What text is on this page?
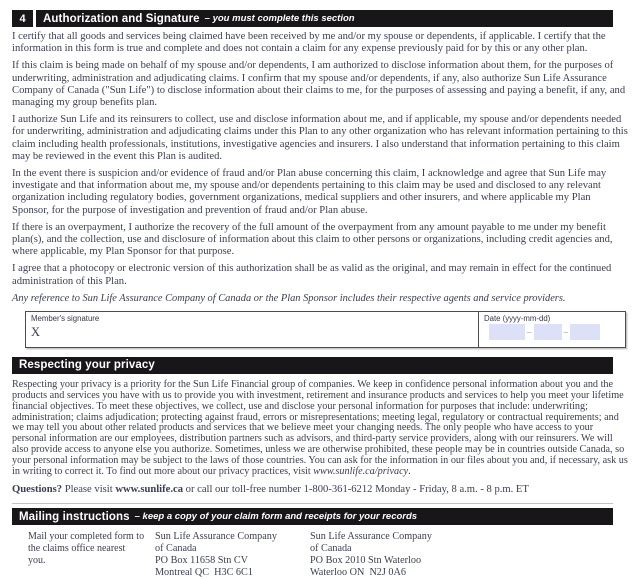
4	Authorization and Signature – you must complete this section

I certify that all goods and services being claimed have been received by me and/or my spouse or dependents, if applicable. I certify that the information in this form is true and complete and does not contain a claim for any expense previously paid for by this or any other plan.

If this claim is being made on behalf of my spouse and/or dependents, I am authorized to disclose information about them, for the purposes of underwriting, administration and adjudicating claims. I confirm that my spouse and/or dependents, if any, also authorize Sun Life Assurance Company of Canada ("Sun Life") to disclose information about their claims to me, for the purposes of assessing and paying a benefit, if any, and managing my group benefits plan.

I authorize Sun Life and its reinsurers to collect, use and disclose information about me, and if applicable, my spouse and/or dependents needed for underwriting, administration and adjudicating claims under this Plan to any other organization who has relevant information pertaining to this claim including health professionals, institutions, investigative agencies and insurers. I also understand that information pertaining to this claim may be reviewed in the event this Plan is audited.

In the event there is suspicion and/or evidence of fraud and/or Plan abuse concerning this claim, I acknowledge and agree that Sun Life may investigate and that information about me, my spouse and/or dependents pertaining to this claim may be used and disclosed to any relevant organization including regulatory bodies, government organizations, medical suppliers and other insurers, and where applicable my Plan Sponsor, for the purpose of investigation and prevention of fraud and/or Plan abuse.

If there is an overpayment, I authorize the recovery of the full amount of the overpayment from any amount payable to me under my benefit plan(s), and the collection, use and disclosure of information about this claim to other persons or organizations, including credit agencies and, where applicable, my Plan Sponsor for that purpose.

I agree that a photocopy or electronic version of this authorization shall be as valid as the original, and may remain in effect for the continued administration of this Plan.

Any reference to Sun Life Assurance Company of Canada or the Plan Sponsor includes their respective agents and service providers.
Member's signature
X
Date (yyyy-mm-dd)
–	–
Respecting your privacy
Respecting your privacy is a priority for the Sun Life Financial group of companies. We keep in confidence personal information about you and the products and services you have with us to provide you with investment, retirement and insurance products and services to help you meet your lifetime financial objectives. To meet these objectives, we collect, use and disclose your personal information for purposes that include: underwriting; administration; claims adjudication; protecting against fraud, errors or misrepresentations; meeting legal, regulatory or contractual requirements; and we may tell you about other related products and services that we believe meet your changing needs. The only people who have access to your personal information are our employees, distribution partners such as advisors, and third-party service providers, along with our reinsurers. We will also provide access to anyone else you authorize. Sometimes, unless we are otherwise prohibited, these people may be in countries outside Canada, so your personal information may be subject to the laws of those countries. You can ask for the information in our files about you and, if necessary, ask us in writing to correct it. To find out more about our privacy practices, visit www.sunlife.ca/privacy.
Questions? Please visit www.sunlife.ca or call our toll-free number 1-800-361-6212 Monday - Friday, 8 a.m. - 8 p.m. ET
Mailing instructions – keep a copy of your claim form and receipts for your records
Mail your completed form to the claims office nearest you.
Sun Life Assurance Company
of Canada
PO Box 11658 Stn CV
Montreal QC  H3C 6C1
Sun Life Assurance Company
of Canada
PO Box 2010 Stn Waterloo
Waterloo ON  N2J 0A6
